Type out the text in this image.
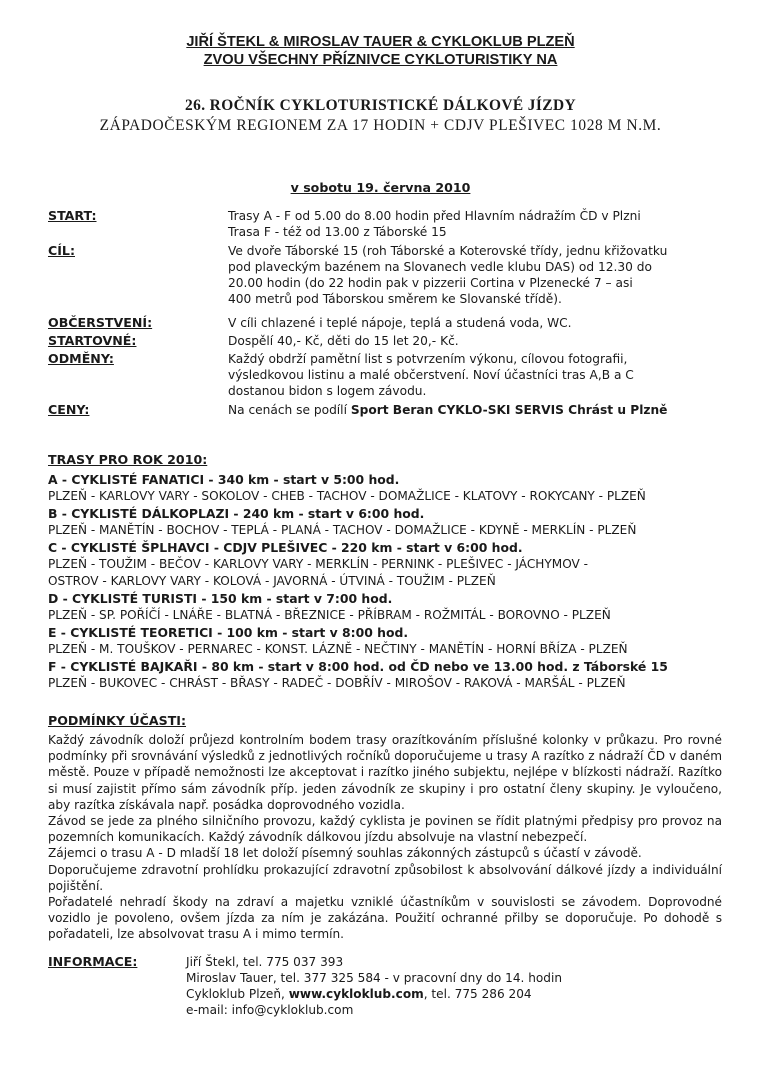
JIŘÍ ŠTEKL & MIROSLAV TAUER & CYKLOKLUB PLZEŇ
ZVOU VŠECHNY PŘÍZNIVCE CYKLOTURISTIKY NA
26. ROČNÍK CYKLOTURISTICKÉ DÁLKOVÉ JÍZDY
ZÁPADOČESKÝM REGIONEM ZA 17 HODIN + CDJV PLEŠIVEC 1028 M N.M.
v sobotu 19. června 2010
START:	Trasy A - F od 5.00 do 8.00 hodin před Hlavním nádražím ČD v Plzni
Trasa F - též od 13.00 z Táborské 15
CÍL:	Ve dvoře Táborské 15 (roh Táborské a Koterovské třídy, jednu křižovatku
pod plaveckým bazénem na Slovanech vedle klubu DAS) od 12.30 do
20.00 hodin (do 22 hodin pak v pizzerii Cortina v Plzenecké 7 – asi
400 metrů pod Táborskou směrem ke Slovanské třídě).
OBČERSTVENÍ:	V cíli chlazené i teplé nápoje, teplá a studená voda, WC.
STARTOVNÉ:	Dospělí 40,- Kč, děti do 15 let 20,- Kč.
ODMĚNY:	Každý obdrží pamětní list s potvrzením výkonu, cílovou fotografii,
výsledkovou listinu a malé občerstvení. Noví účastníci tras A,B a C
dostanou bidon s logem závodu.
CENY:	Na cenách se podílí Sport Beran CYKLO-SKI SERVIS Chrást u Plzně
TRASY PRO ROK 2010:
A - CYKLISTÉ FANATICI - 340 km - start v 5:00 hod.
PLZEŇ - KARLOVY VARY - SOKOLOV - CHEB - TACHOV - DOMAŽLICE - KLATOVY - ROKYCANY - PLZEŇ
B - CYKLISTÉ DÁLKOPLAZI - 240 km - start v 6:00 hod.
PLZEŇ - MANĚTÍN - BOCHOV - TEPLÁ - PLANÁ - TACHOV - DOMAŽLICE - KDYNĚ - MERKLÍN - PLZEŇ
C - CYKLISTÉ ŠPLHAVCI - CDJV PLEŠIVEC - 220 km - start v 6:00 hod.
PLZEŇ - TOUŽIM - BEČOV - KARLOVY VARY - MERKLÍN - PERNINK - PLEŠIVEC - JÁCHYMOV -
OSTROV - KARLOVY VARY - KOLOVÁ - JAVORNÁ - ÚTVINÁ - TOUŽIM - PLZEŇ
D - CYKLISTÉ TURISTI - 150 km - start v 7:00 hod.
PLZEŇ - SP. POŘÍČÍ - LNÁŘE - BLATNÁ - BŘEZNICE - PŘÍBRAM - ROŽMITÁL - BOROVNO - PLZEŇ
E - CYKLISTÉ TEORETICI - 100 km - start v 8:00 hod.
PLZEŇ - M. TOUŠKOV - PERNAREC - KONST. LÁZNĚ - NEČTINY - MANĚTÍN - HORNÍ BŘÍZA - PLZEŇ
F - CYKLISTÉ BAJKAŘI - 80 km - start v 8:00 hod. od ČD nebo ve 13.00 hod. z Táborské 15
PLZEŇ - BUKOVEC - CHRÁST - BŘASY - RADEČ - DOBŘÍV - MIROŠOV - RAKOVÁ - MARŠÁL - PLZEŇ
PODMÍNKY ÚČASTI:

Každý závodník doloží průjezd kontrolním bodem trasy orazítkováním příslušné kolonky v průkazu. Pro rovné podmínky při srovnávání výsledků z jednotlivých ročníků doporučujeme u trasy A razítko z nádraží ČD v daném městě. Pouze v případě nemožnosti lze akceptovat i razítko jiného subjektu, nejlépe v blízkosti nádraží. Razítko si musí zajistit přímo sám závodník příp. jeden závodník ze skupiny i pro ostatní členy skupiny. Je vyloučeno, aby razítka získávala např. posádka doprovodného vozidla.

Závod se jede za plného silničního provozu, každý cyklista je povinen se řídit platnými předpisy pro provoz na pozemních komunikacích. Každý závodník dálkovou jízdu absolvuje na vlastní nebezpečí.

Zájemci o trasu A - D mladší 18 let doloží písemný souhlas zákonných zástupců s účastí v závodě.

Doporučujeme zdravotní prohlídku prokazující zdravotní způsobilost k absolvování dálkové jízdy a individuální pojištění.

Pořadatelé nehradí škody na zdraví a majetku vzniklé účastníkům v souvislosti se závodem. Doprovodné vozidlo je povoleno, ovšem jízda za ním je zakázána. Použití ochranné přilby se doporučuje. Po dohodě s pořadateli, lze absolvovat trasu A i mimo termín.

INFORMACE:	Jiří Štekl, tel. 775 037 393
Miroslav Tauer, tel. 377 325 584 - v pracovní dny do 14. hodin
Cykloklub Plzeň, www.cykloklub.com, tel. 775 286 204
e-mail: info@cykloklub.com
